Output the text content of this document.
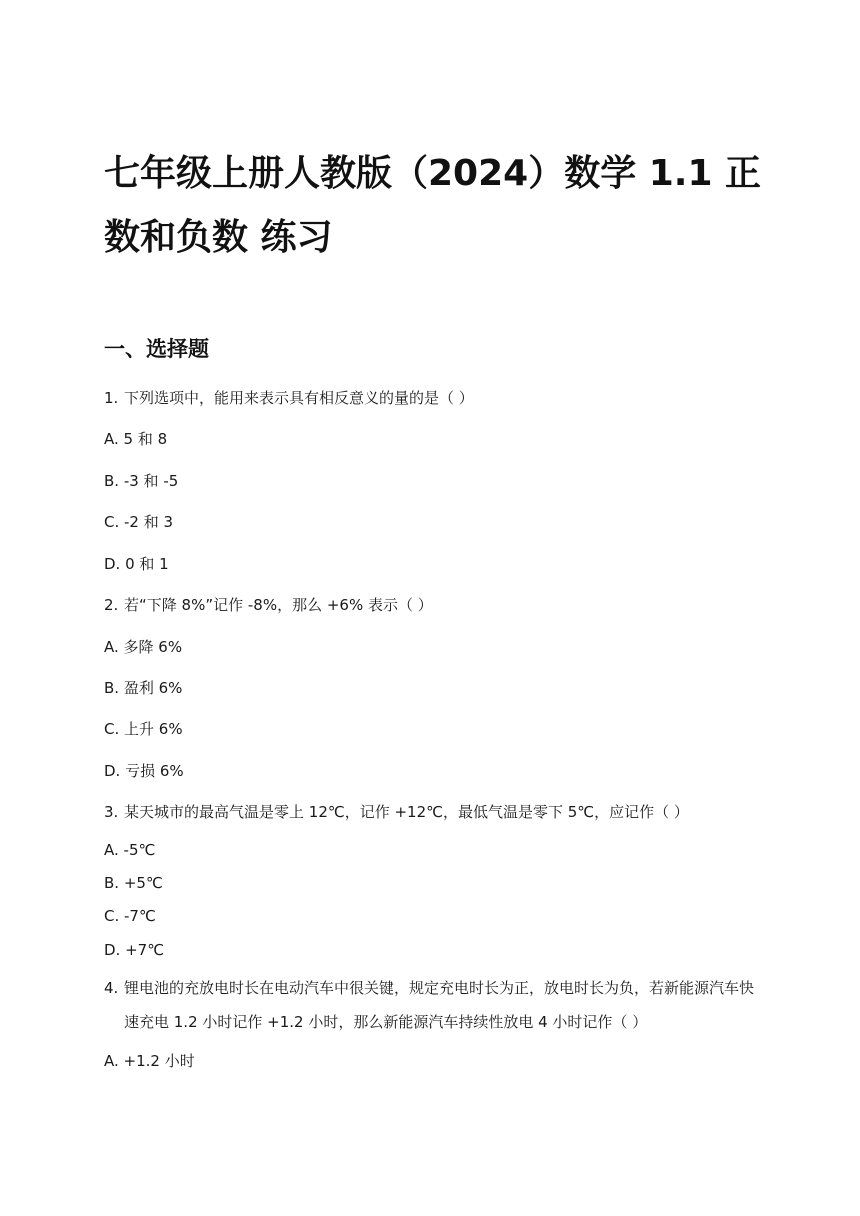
七年级上册人教版（2024）数学 1.1 正数和负数 练习
一、选择题

1. 下列选项中，能用来表示具有相反意义的量的是（ ）

A. 5 和 8

B. -3 和 -5

C. -2 和 3

D. 0 和 1

2. 若“下降 8%”记作 -8%，那么 +6% 表示（ ）

A. 多降 6%

B. 盈利 6%

C. 上升 6%

D. 亏损 6%

3. 某天城市的最高气温是零上 12℃，记作 +12℃，最低气温是零下 5℃，应记作（ ）

A. -5℃

B. +5℃

C. -7℃

D. +7℃

4. 锂电池的充放电时长在电动汽车中很关键，规定充电时长为正，放电时长为负，若新能源汽车快速充电 1.2 小时记作 +1.2 小时，那么新能源汽车持续性放电 4 小时记作（ ）

A. +1.2 小时
